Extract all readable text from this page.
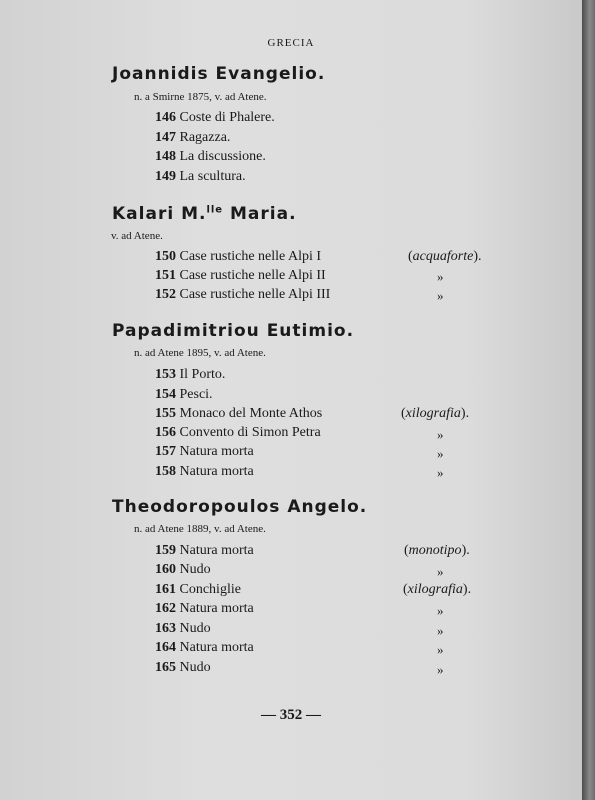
GRECIA
Joannidis Evangelio.
n. a Smirne 1875, v. ad Atene.
146 Coste di Phalere.
147 Ragazza.
148 La discussione.
149 La scultura.
Kalari M.$^{lle}$ Maria.
v. ad Atene.
150 Case rustiche nelle Alpi I	(acquaforte).
151 Case rustiche nelle Alpi II	»
152 Case rustiche nelle Alpi III	»
Papadimitriou Eutimio.
n. ad Atene 1895, v. ad Atene.
153 Il Porto.
154 Pesci.
155 Monaco del Monte Athos	(xilografia).
156 Convento di Simon Petra	»
157 Natura morta	»
158 Natura morta	»
Theodoropoulos Angelo.
n. ad Atene 1889, v. ad Atene.
159 Natura morta	(monotipo).
160 Nudo	»
161 Conchiglie	(xilografia).
162 Natura morta	»
163 Nudo	»
164 Natura morta	»
165 Nudo	»
— 352 —
